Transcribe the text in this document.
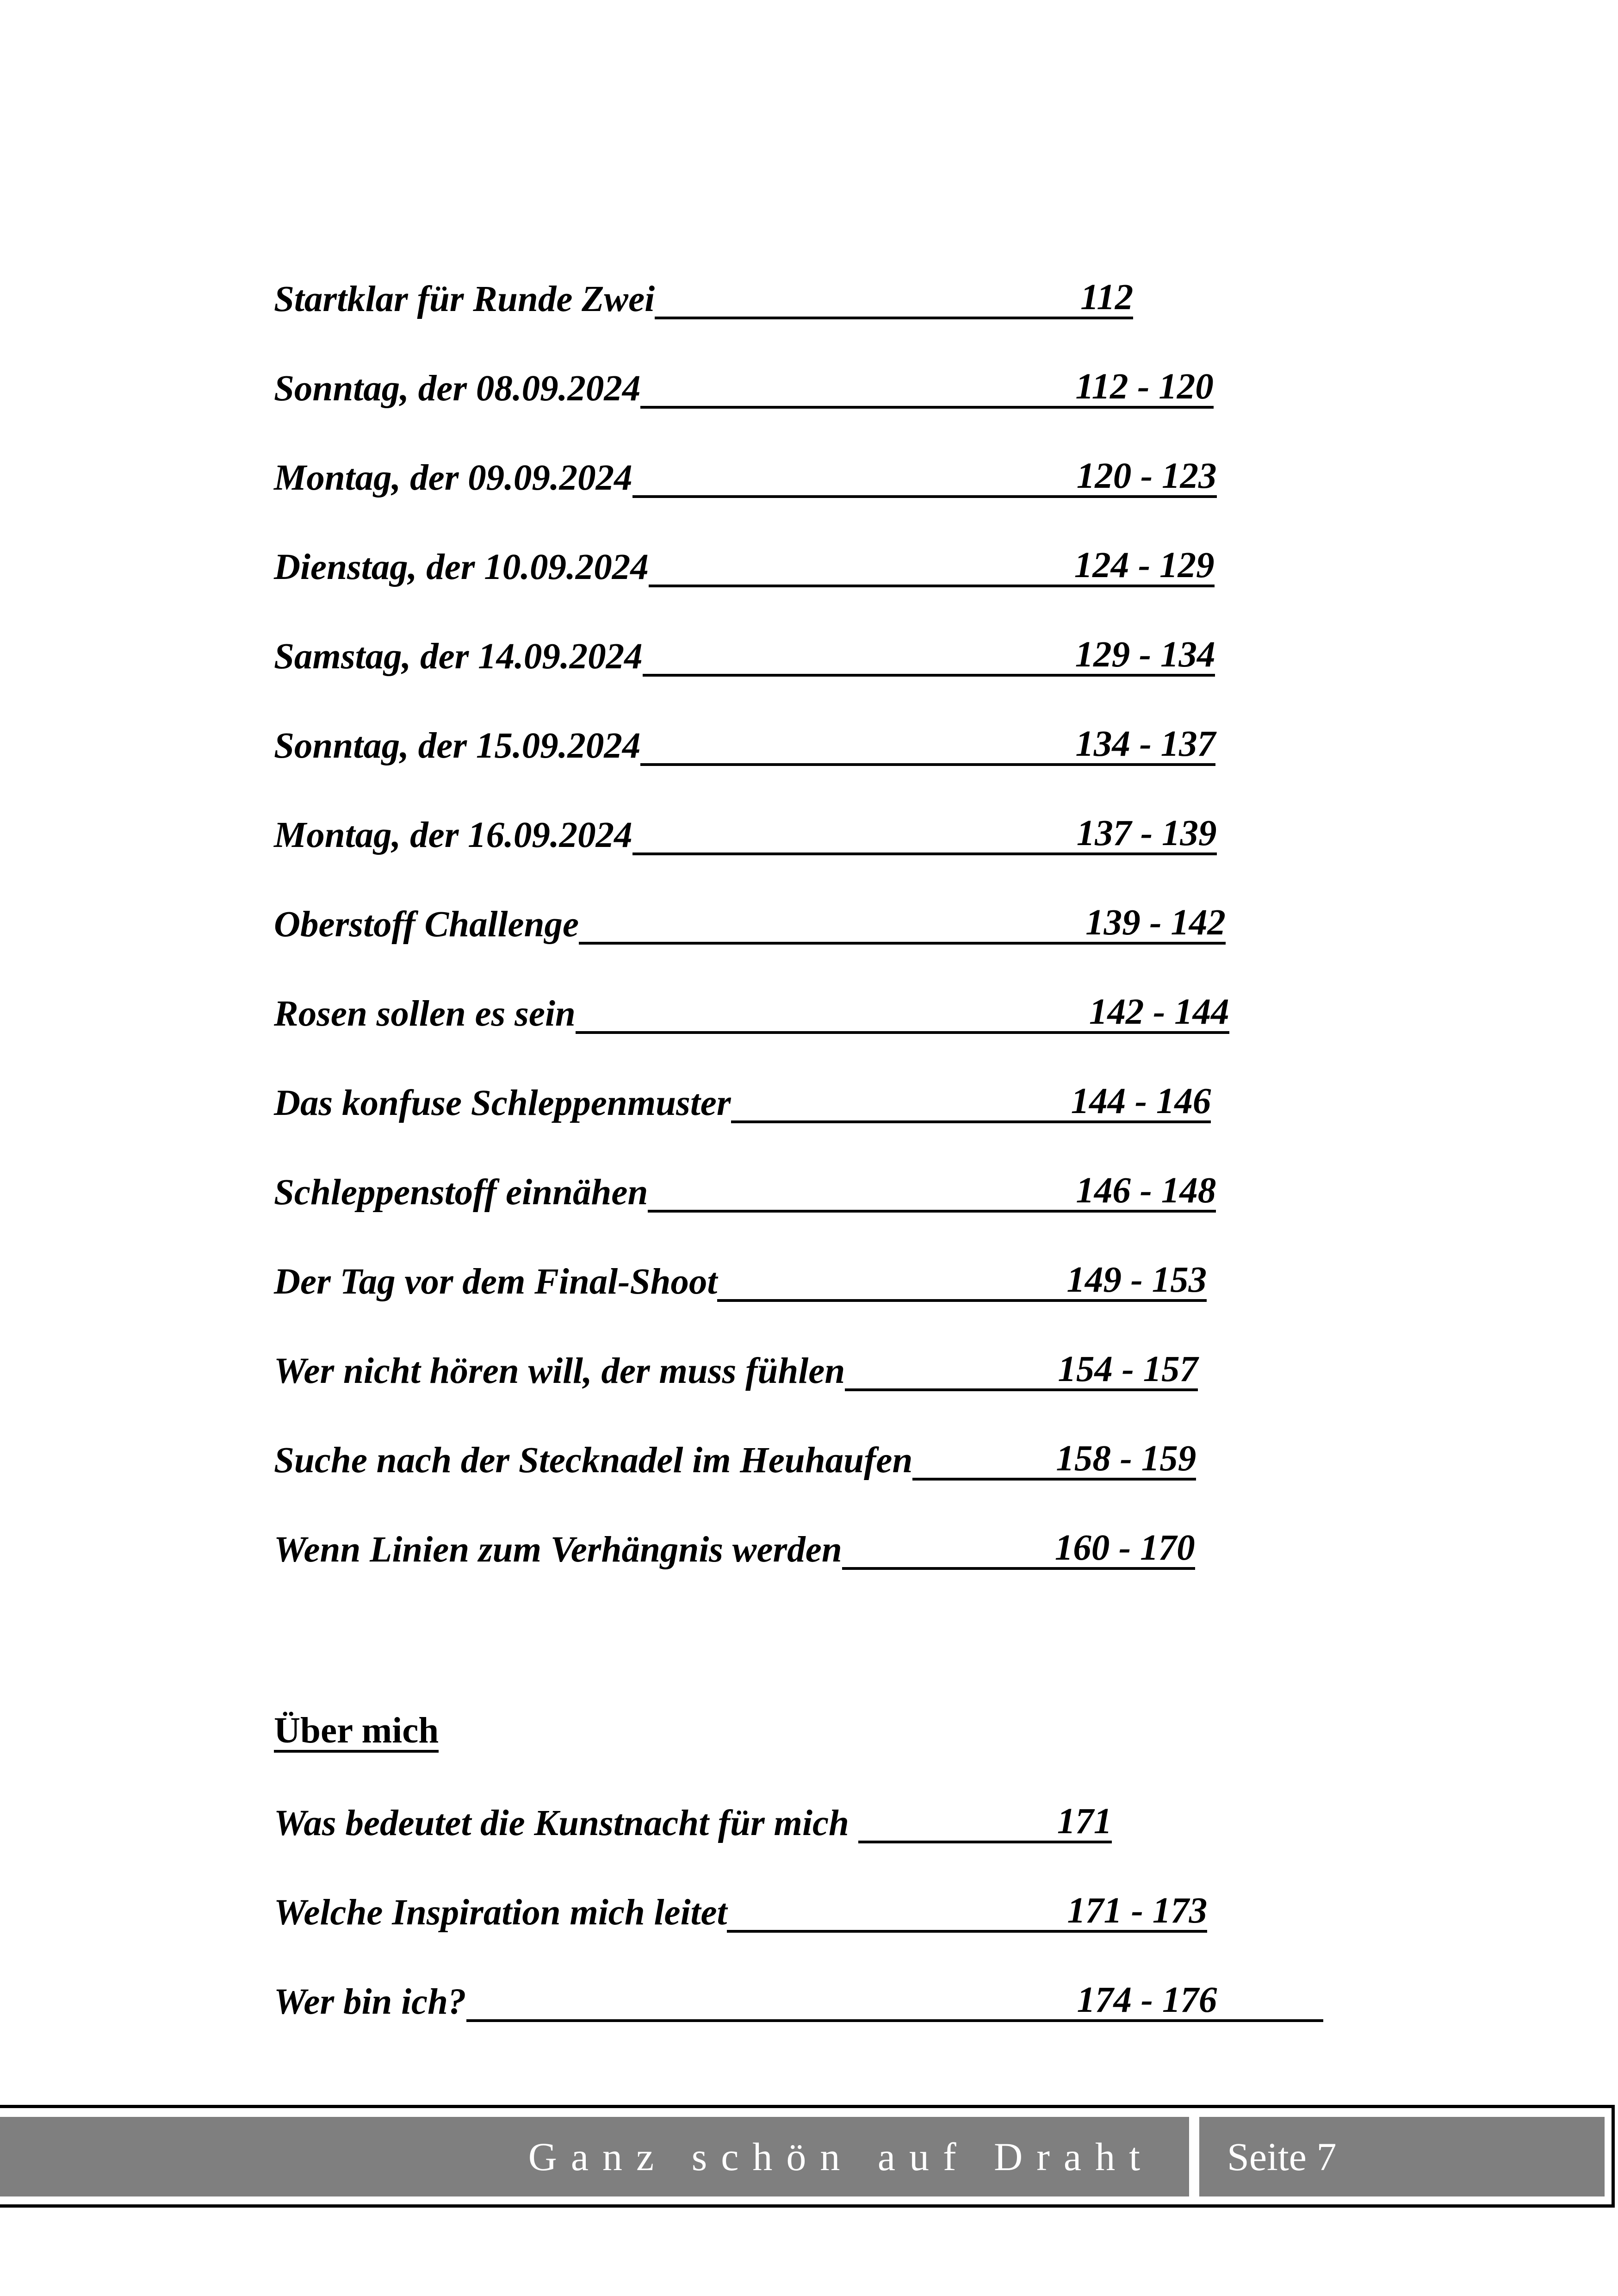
Startklar für Runde Zwei	112
Sonntag, der 08.09.2024	112 - 120
Montag, der 09.09.2024	120 - 123
Dienstag, der 10.09.2024	124 - 129
Samstag, der 14.09.2024	129 - 134
Sonntag, der 15.09.2024	134 - 137
Montag, der 16.09.2024	137 - 139
Oberstoff Challenge	139 - 142
Rosen sollen es sein	142 - 144
Das konfuse Schleppenmuster	144 - 146
Schleppenstoff einnähen	146 - 148
Der Tag vor dem Final-Shoot	149 - 153
Wer nicht hören will, der muss fühlen	154 - 157
Suche nach der Stecknadel im Heuhaufen	158 - 159
Wenn Linien zum Verhängnis werden	160 - 170
Über mich
Was bedeutet die Kunstnacht für mich	171
Welche Inspiration mich leitet	171 - 173
Wer bin ich?	174 - 176
Ganz schön auf Draht Seite 7
